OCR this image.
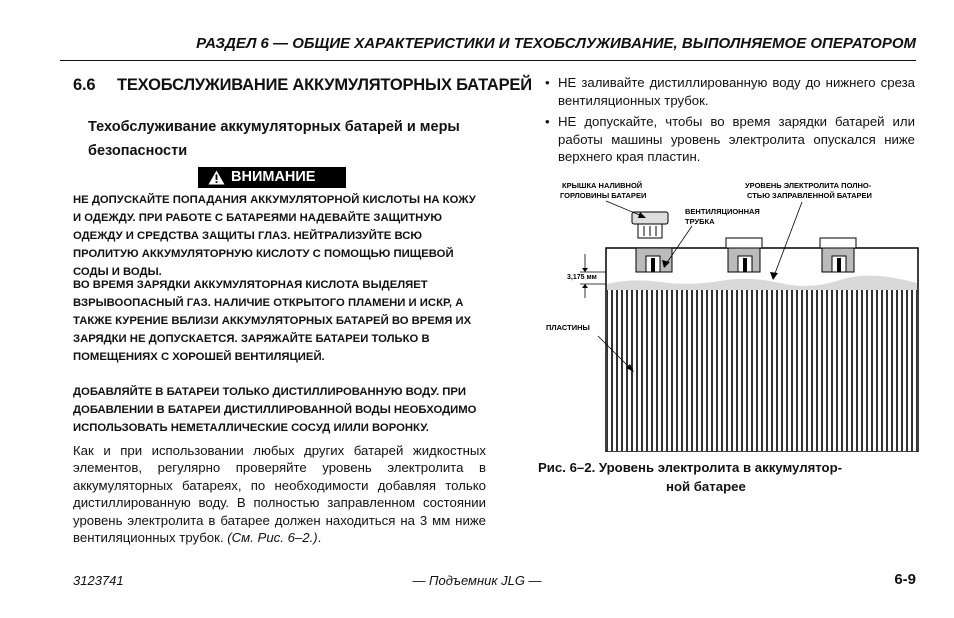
РАЗДЕЛ 6 — ОБЩИЕ ХАРАКТЕРИСТИКИ И ТЕХОБСЛУЖИВАНИЕ, ВЫПОЛНЯЕМОЕ ОПЕРАТОРОМ
6.6 ТЕХОБСЛУЖИВАНИЕ АККУМУЛЯТОРНЫХ БАТАРЕЙ
Техобслуживание аккумуляторных батарей и меры безопасности
ВНИМАНИЕ
НЕ ДОПУСКАЙТЕ ПОПАДАНИЯ АККУМУЛЯТОРНОЙ КИСЛОТЫ НА КОЖУ И ОДЕЖДУ. ПРИ РАБОТЕ С БАТАРЕЯМИ НАДЕВАЙТЕ ЗАЩИТНУЮ ОДЕЖДУ И СРЕДСТВА ЗАЩИТЫ ГЛАЗ. НЕЙТРАЛИЗУЙТЕ ВСЮ ПРОЛИТУЮ АККУМУЛЯТОРНУЮ КИСЛОТУ С ПОМОЩЬЮ ПИЩЕВОЙ СОДЫ И ВОДЫ.
ВО ВРЕМЯ ЗАРЯДКИ АККУМУЛЯТОРНАЯ КИСЛОТА ВЫДЕЛЯЕТ ВЗРЫВООПАСНЫЙ ГАЗ. НАЛИЧИЕ ОТКРЫТОГО ПЛАМЕНИ И ИСКР, А ТАКЖЕ КУРЕНИЕ ВБЛИЗИ АККУМУЛЯТОРНЫХ БАТАРЕЙ ВО ВРЕМЯ ИХ ЗАРЯДКИ НЕ ДОПУСКАЕТСЯ. ЗАРЯЖАЙТЕ БАТАРЕИ ТОЛЬКО В ПОМЕЩЕНИЯХ С ХОРОШЕЙ ВЕНТИЛЯЦИЕЙ.
ДОБАВЛЯЙТЕ В БАТАРЕИ ТОЛЬКО ДИСТИЛЛИРОВАННУЮ ВОДУ. ПРИ ДОБАВЛЕНИИ В БАТАРЕИ ДИСТИЛЛИРОВАННОЙ ВОДЫ НЕОБХОДИМО ИСПОЛЬЗОВАТЬ НЕМЕТАЛЛИЧЕСКИЕ СОСУД И/ИЛИ ВОРОНКУ.
Как и при использовании любых других батарей жидкостных элементов, регулярно проверяйте уровень электролита в аккумуляторных батареях, по необходимости добавляя только дистиллированную воду. В полностью заправленном состоянии уровень электролита в батарее должен находиться на 3 мм ниже вентиляционных трубок. (См. Рис. 6–2.).
• НЕ заливайте дистиллированную воду до нижнего среза вентиляционных трубок.
• НЕ допускайте, чтобы во время зарядки батарей или работы машины уровень электролита опускался ниже верхнего края пластин.
3,175 мм
КРЫШКА НАЛИВНОЙ
ГОРЛОВИНЫ БАТАРЕИ
УРОВЕНЬ ЭЛЕКТРОЛИТА ПОЛНО-
СТЬЮ ЗАПРАВЛЕННОЙ БАТАРЕИ
ВЕНТИЛЯЦИОННАЯ
ТРУБКА
ПЛАСТИНЫ
Рис. 6–2. Уровень электролита в аккумулятор-
ной батарее
3123741	— Подъемник JLG —	6-9
